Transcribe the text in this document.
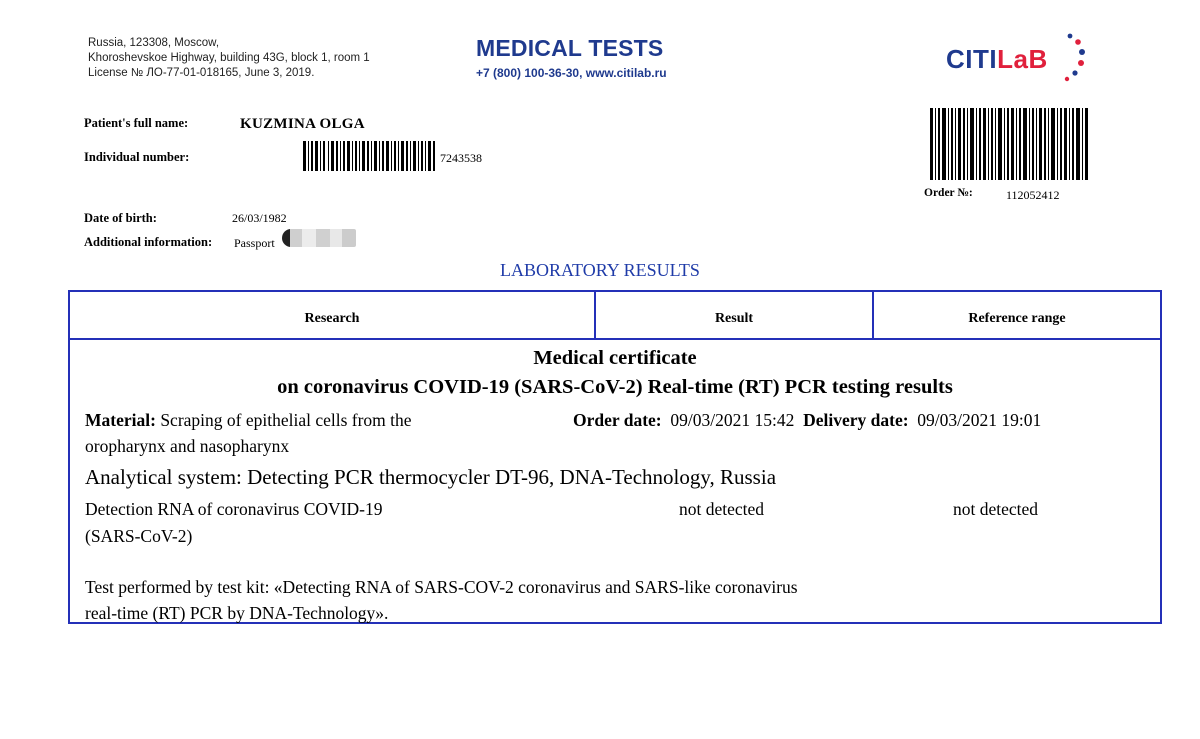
Russia, 123308, Moscow,
Khoroshevskoe Highway, building 43G, block 1, room 1
License № ЛО-77-01-018165, June 3, 2019.
MEDICAL TESTS
+7 (800) 100-36-30, www.citilab.ru	CITILaB
Patient's full name:	KUZMINA OLGA
Individual number:	7243538
Order №:	112052412
Date of birth:	26/03/1982
Additional information: Passport
LABORATORY RESULTS
Research	Result	Reference range
Medical certificate
on coronavirus COVID-19 (SARS-CoV-2) Real-time (RT) PCR testing results
Material: Scraping of epithelial cells from the
oropharynx and nasopharynx
Order date: 09/03/2021 15:42 Delivery date: 09/03/2021 19:01
Analytical system: Detecting PCR thermocycler DT-96, DNA-Technology, Russia
Detection RNA of coronavirus COVID-19
(SARS-CoV-2)
not detected	not detected
Test performed by test kit: «Detecting RNA of SARS-COV-2 coronavirus and SARS-like coronavirus
real-time (RT) PCR by DNA-Technology».
